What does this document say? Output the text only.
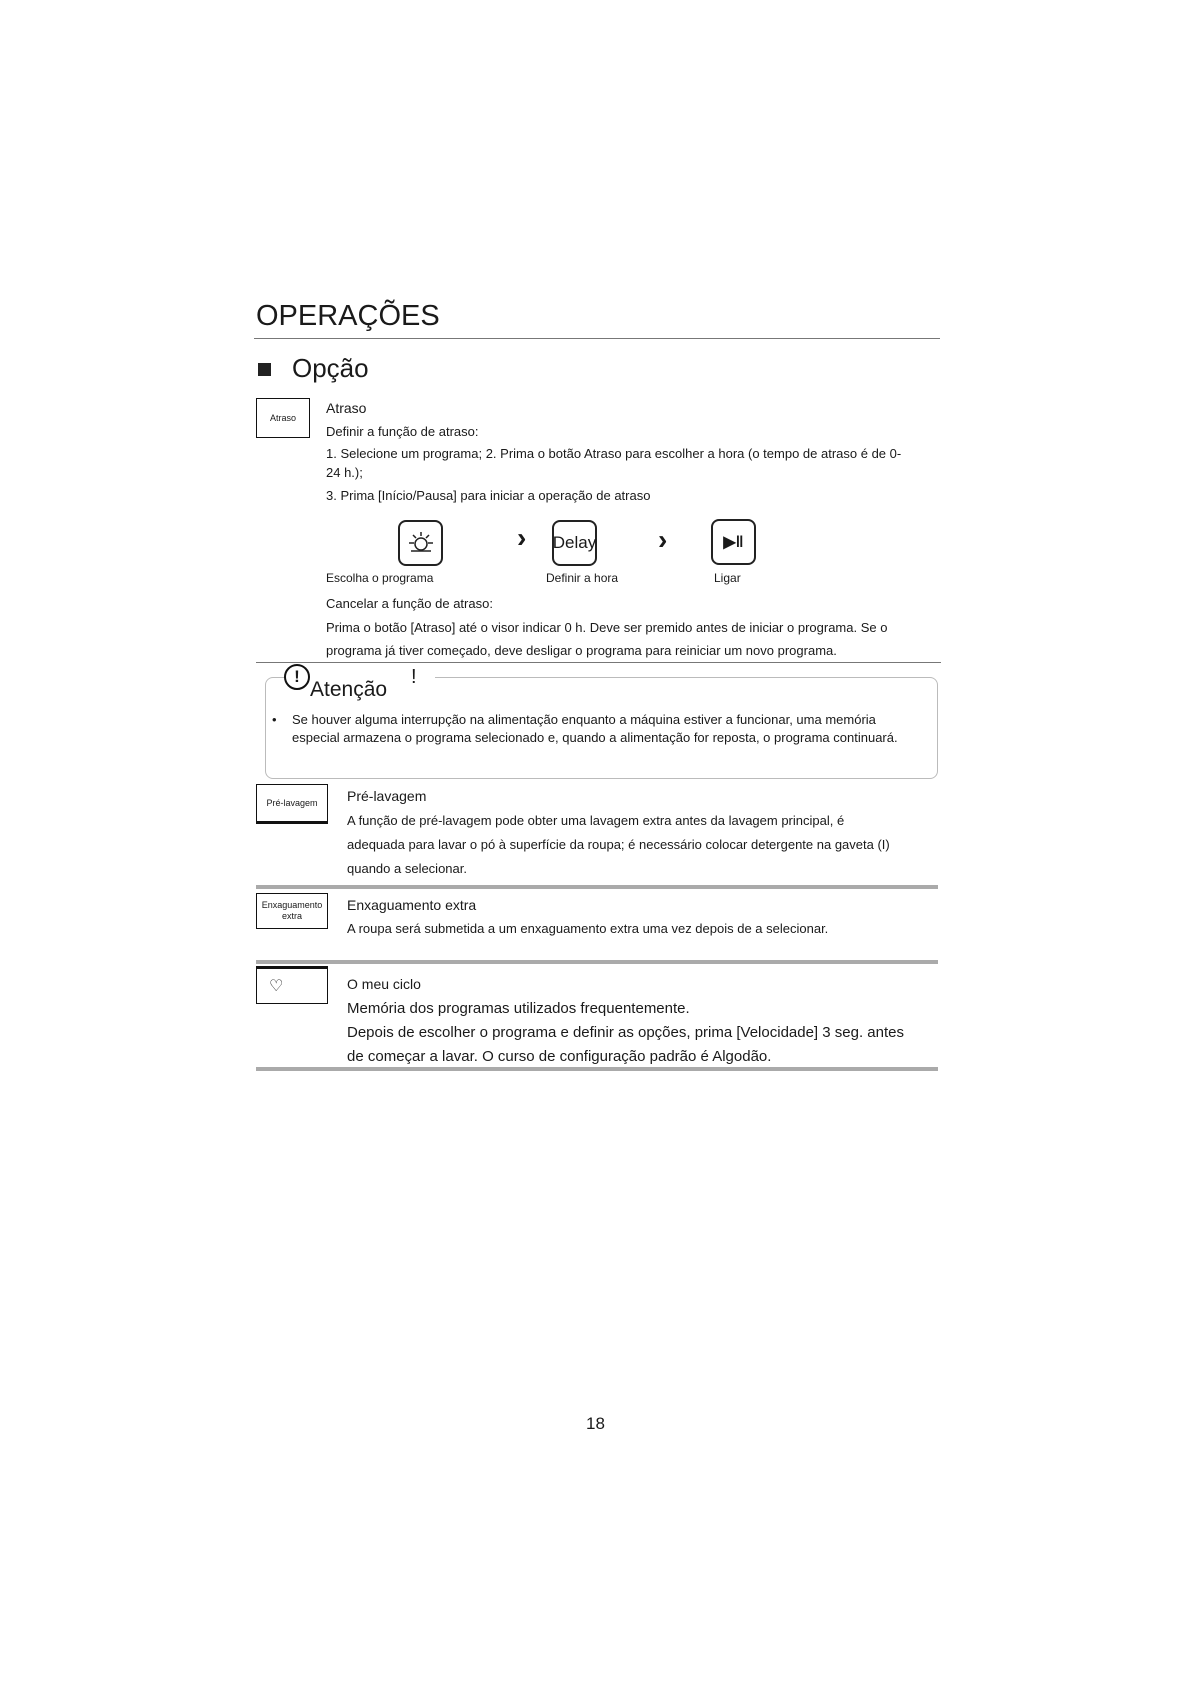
OPERAÇÕES
Opção
Atraso
Atraso
Definir a função de atraso:
1. Selecione um programa; 2. Prima o botão Atraso para escolher a hora (o tempo de atraso é de 0-
24 h.);
3. Prima [Início/Pausa] para iniciar a operação de atraso
› Delay ›	▶‖
Escolha o programa	Definir a hora	Ligar
Cancelar a função de atraso:
Prima o botão [Atraso] até o visor indicar 0 h. Deve ser premido antes de iniciar o programa. Se o
programa já tiver começado, deve desligar o programa para reiniciar um novo programa.
!
Atenção
!
• Se houver alguma interrupção na alimentação enquanto a máquina estiver a funcionar, uma memória
especial armazena o programa selecionado e, quando a alimentação for reposta, o programa continuará.
Pré-lavagem	Pré-lavagem
A função de pré-lavagem pode obter uma lavagem extra antes da lavagem principal, é
adequada para lavar o pó à superfície da roupa; é necessário colocar detergente na gaveta (I)
quando a selecionar.
Enxaguamento extra
Enxaguamento extra
A roupa será submetida a um enxaguamento extra uma vez depois de a selecionar.
♡	O meu ciclo
Memória dos programas utilizados frequentemente.
Depois de escolher o programa e definir as opções, prima [Velocidade] 3 seg. antes
de começar a lavar. O curso de configuração padrão é Algodão.
18
